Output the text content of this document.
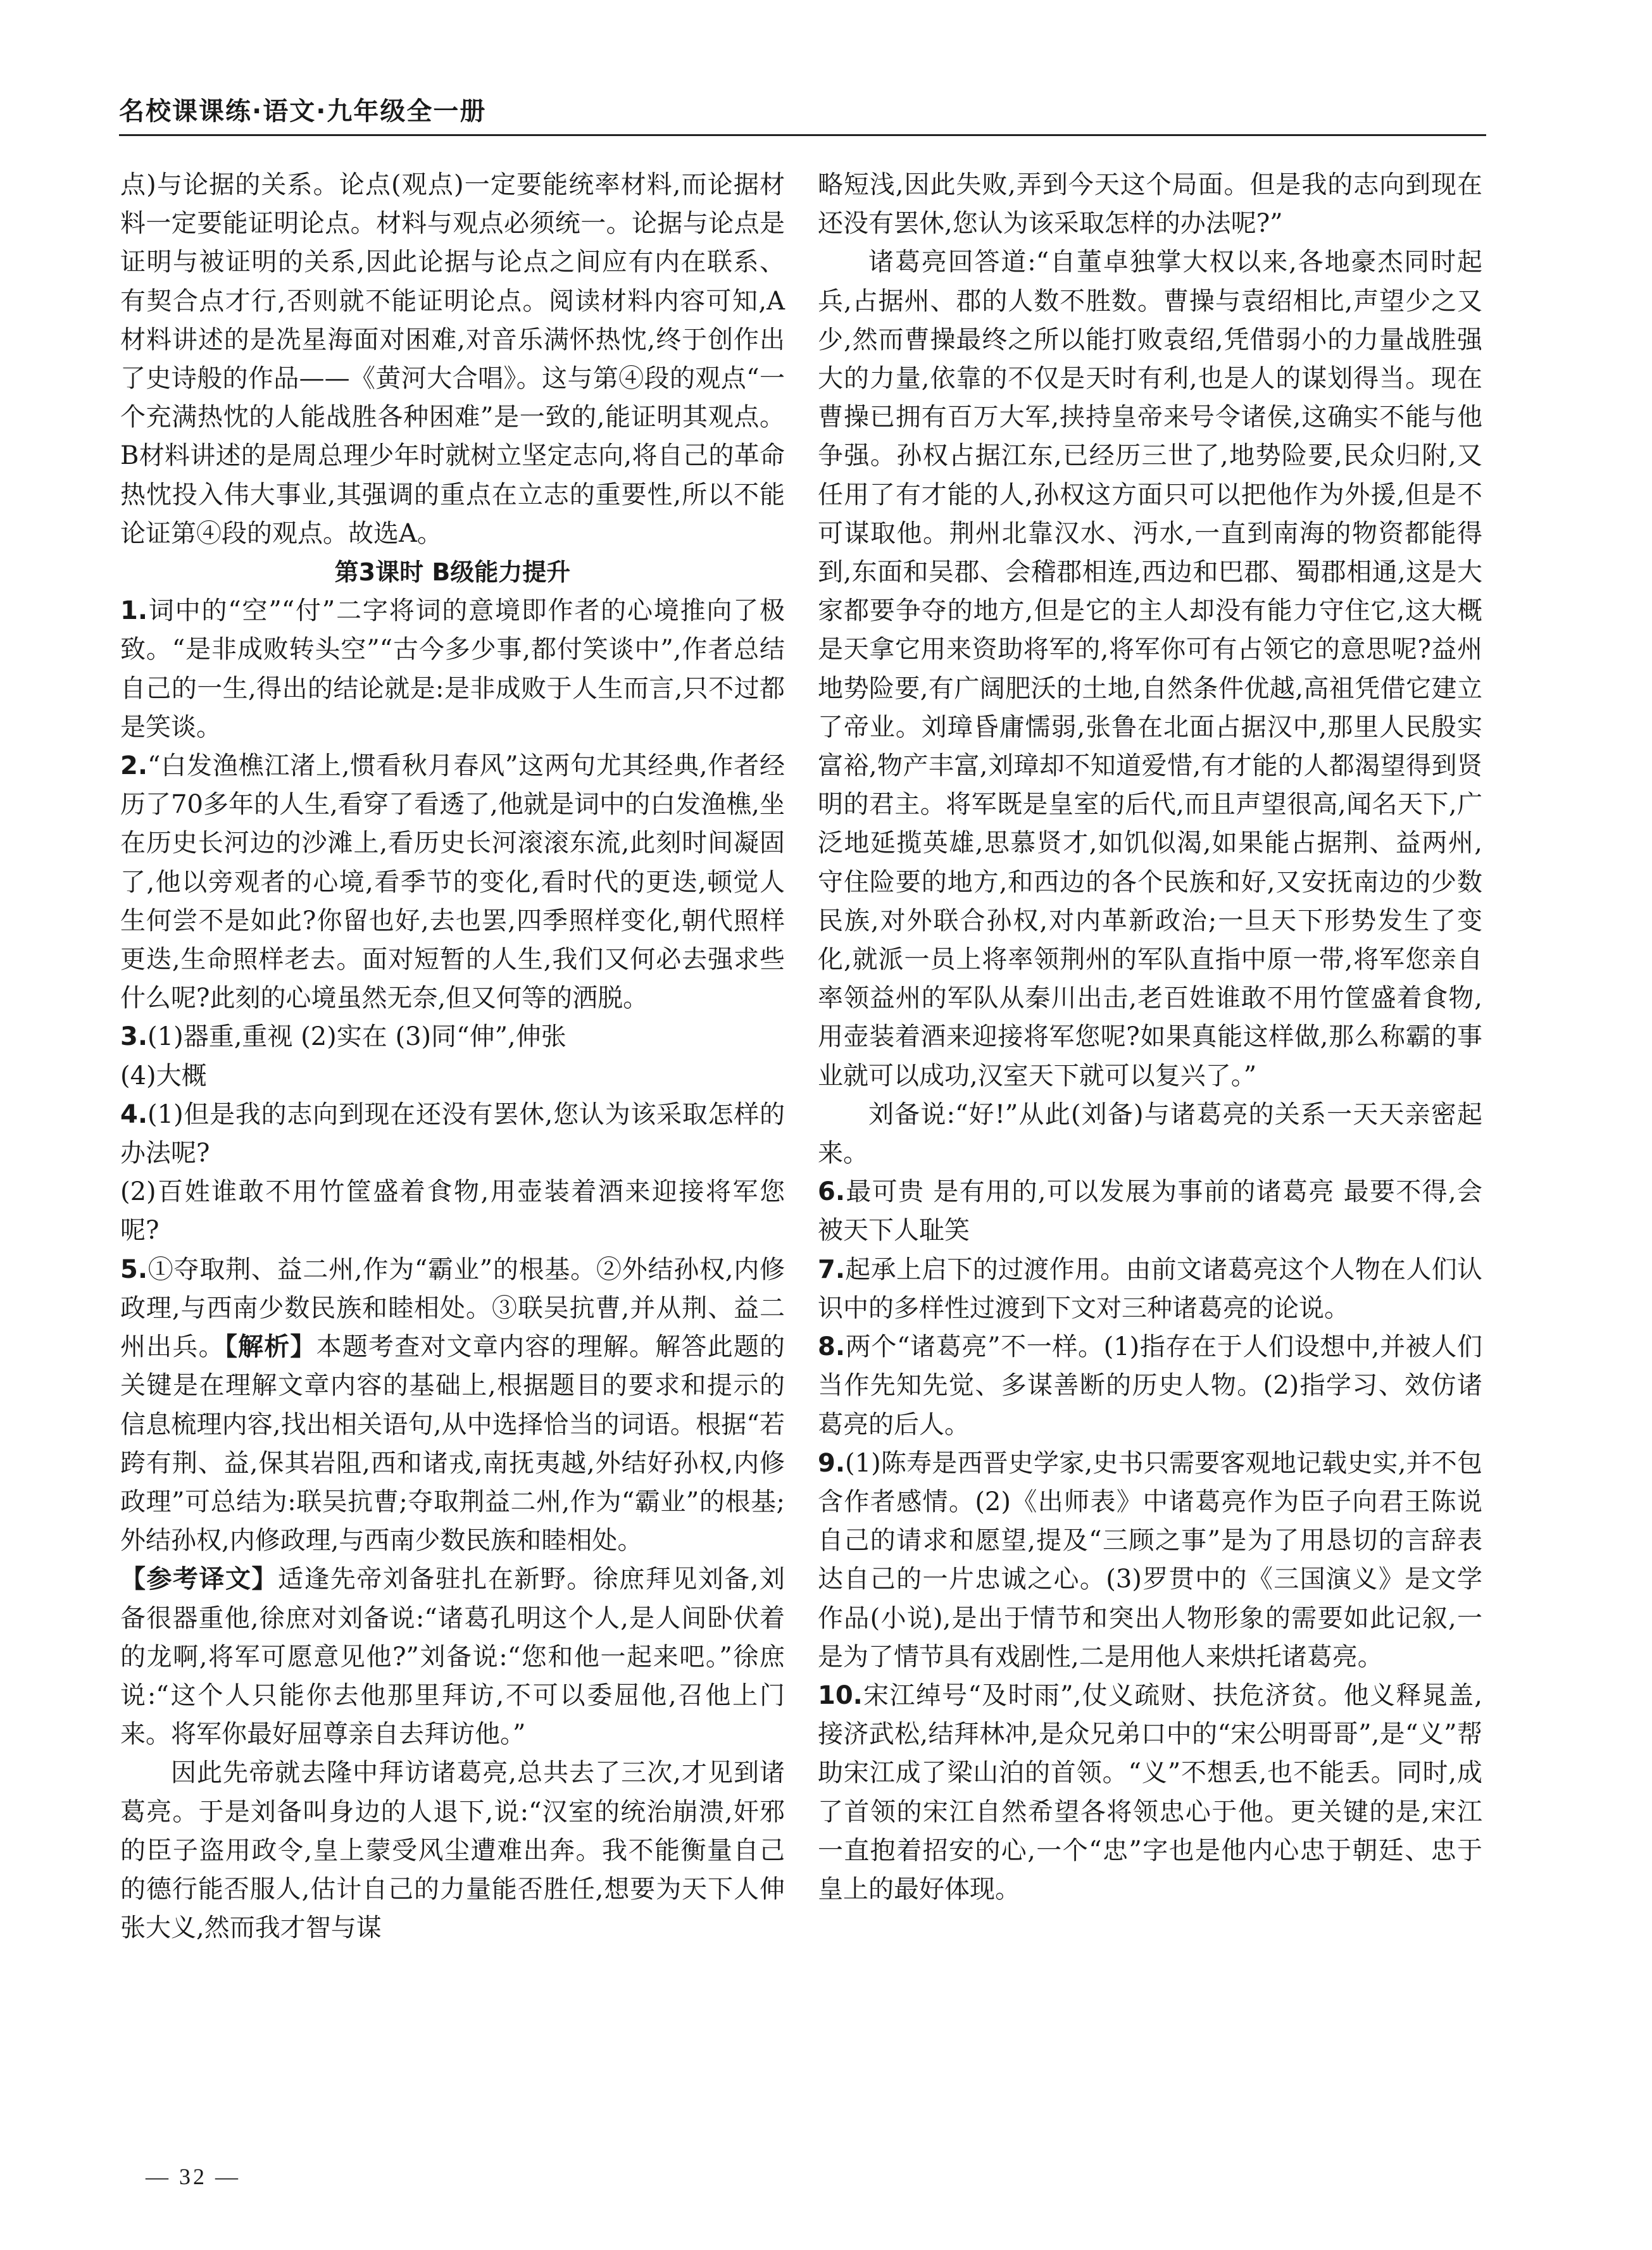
名校课课练·语文·九年级全一册

点)与论据的关系。论点(观点)一定要能统率材料,而论据材料一定要能证明论点。材料与观点必须统一。论据与论点是证明与被证明的关系,因此论据与论点之间应有内在联系、有契合点才行,否则就不能证明论点。阅读材料内容可知,A材料讲述的是冼星海面对困难,对音乐满怀热忱,终于创作出了史诗般的作品——《黄河大合唱》。这与第④段的观点“一个充满热忱的人能战胜各种困难”是一致的,能证明其观点。B材料讲述的是周总理少年时就树立坚定志向,将自己的革命热忱投入伟大事业,其强调的重点在立志的重要性,所以不能论证第④段的观点。故选A。

第3课时 B级能力提升

1.词中的“空”“付”二字将词的意境即作者的心境推向了极致。“是非成败转头空”“古今多少事,都付笑谈中”,作者总结自己的一生,得出的结论就是:是非成败于人生而言,只不过都是笑谈。

2.“白发渔樵江渚上,惯看秋月春风”这两句尤其经典,作者经历了70多年的人生,看穿了看透了,他就是词中的白发渔樵,坐在历史长河边的沙滩上,看历史长河滚滚东流,此刻时间凝固了,他以旁观者的心境,看季节的变化,看时代的更迭,顿觉人生何尝不是如此?你留也好,去也罢,四季照样变化,朝代照样更迭,生命照样老去。面对短暂的人生,我们又何必去强求些什么呢?此刻的心境虽然无奈,但又何等的洒脱。

3.(1)器重,重视 (2)实在 (3)同“伸”,伸张

(4)大概

4.(1)但是我的志向到现在还没有罢休,您认为该采取怎样的办法呢?

(2)百姓谁敢不用竹筐盛着食物,用壶装着酒来迎接将军您呢?

5.①夺取荆、益二州,作为“霸业”的根基。②外结孙权,内修政理,与西南少数民族和睦相处。③联吴抗曹,并从荆、益二州出兵。【解析】本题考查对文章内容的理解。解答此题的关键是在理解文章内容的基础上,根据题目的要求和提示的信息梳理内容,找出相关语句,从中选择恰当的词语。根据“若跨有荆、益,保其岩阻,西和诸戎,南抚夷越,外结好孙权,内修政理”可总结为:联吴抗曹;夺取荆益二州,作为“霸业”的根基;外结孙权,内修政理,与西南少数民族和睦相处。

【参考译文】适逢先帝刘备驻扎在新野。徐庶拜见刘备,刘备很器重他,徐庶对刘备说:“诸葛孔明这个人,是人间卧伏着的龙啊,将军可愿意见他?”刘备说:“您和他一起来吧。”徐庶说:“这个人只能你去他那里拜访,不可以委屈他,召他上门来。将军你最好屈尊亲自去拜访他。”

因此先帝就去隆中拜访诸葛亮,总共去了三次,才见到诸葛亮。于是刘备叫身边的人退下,说:“汉室的统治崩溃,奸邪的臣子盗用政令,皇上蒙受风尘遭难出奔。我不能衡量自己的德行能否服人,估计自己的力量能否胜任,想要为天下人伸张大义,然而我才智与谋

略短浅,因此失败,弄到今天这个局面。但是我的志向到现在还没有罢休,您认为该采取怎样的办法呢?”

诸葛亮回答道:“自董卓独掌大权以来,各地豪杰同时起兵,占据州、郡的人数不胜数。曹操与袁绍相比,声望少之又少,然而曹操最终之所以能打败袁绍,凭借弱小的力量战胜强大的力量,依靠的不仅是天时有利,也是人的谋划得当。现在曹操已拥有百万大军,挟持皇帝来号令诸侯,这确实不能与他争强。孙权占据江东,已经历三世了,地势险要,民众归附,又任用了有才能的人,孙权这方面只可以把他作为外援,但是不可谋取他。荆州北靠汉水、沔水,一直到南海的物资都能得到,东面和吴郡、会稽郡相连,西边和巴郡、蜀郡相通,这是大家都要争夺的地方,但是它的主人却没有能力守住它,这大概是天拿它用来资助将军的,将军你可有占领它的意思呢?益州地势险要,有广阔肥沃的土地,自然条件优越,高祖凭借它建立了帝业。刘璋昏庸懦弱,张鲁在北面占据汉中,那里人民殷实富裕,物产丰富,刘璋却不知道爱惜,有才能的人都渴望得到贤明的君主。将军既是皇室的后代,而且声望很高,闻名天下,广泛地延揽英雄,思慕贤才,如饥似渴,如果能占据荆、益两州,守住险要的地方,和西边的各个民族和好,又安抚南边的少数民族,对外联合孙权,对内革新政治;一旦天下形势发生了变化,就派一员上将率领荆州的军队直指中原一带,将军您亲自率领益州的军队从秦川出击,老百姓谁敢不用竹筐盛着食物,用壶装着酒来迎接将军您呢?如果真能这样做,那么称霸的事业就可以成功,汉室天下就可以复兴了。”

刘备说:“好!”从此(刘备)与诸葛亮的关系一天天亲密起来。

6.最可贵 是有用的,可以发展为事前的诸葛亮 最要不得,会被天下人耻笑

7.起承上启下的过渡作用。由前文诸葛亮这个人物在人们认识中的多样性过渡到下文对三种诸葛亮的论说。

8.两个“诸葛亮”不一样。(1)指存在于人们设想中,并被人们当作先知先觉、多谋善断的历史人物。(2)指学习、效仿诸葛亮的后人。

9.(1)陈寿是西晋史学家,史书只需要客观地记载史实,并不包含作者感情。(2)《出师表》中诸葛亮作为臣子向君王陈说自己的请求和愿望,提及“三顾之事”是为了用恳切的言辞表达自己的一片忠诚之心。(3)罗贯中的《三国演义》是文学作品(小说),是出于情节和突出人物形象的需要如此记叙,一是为了情节具有戏剧性,二是用他人来烘托诸葛亮。

10.宋江绰号“及时雨”,仗义疏财、扶危济贫。他义释晁盖,接济武松,结拜林冲,是众兄弟口中的“宋公明哥哥”,是“义”帮助宋江成了梁山泊的首领。“义”不想丢,也不能丢。同时,成了首领的宋江自然希望各将领忠心于他。更关键的是,宋江一直抱着招安的心,一个“忠”字也是他内心忠于朝廷、忠于皇上的最好体现。

— 32 —
